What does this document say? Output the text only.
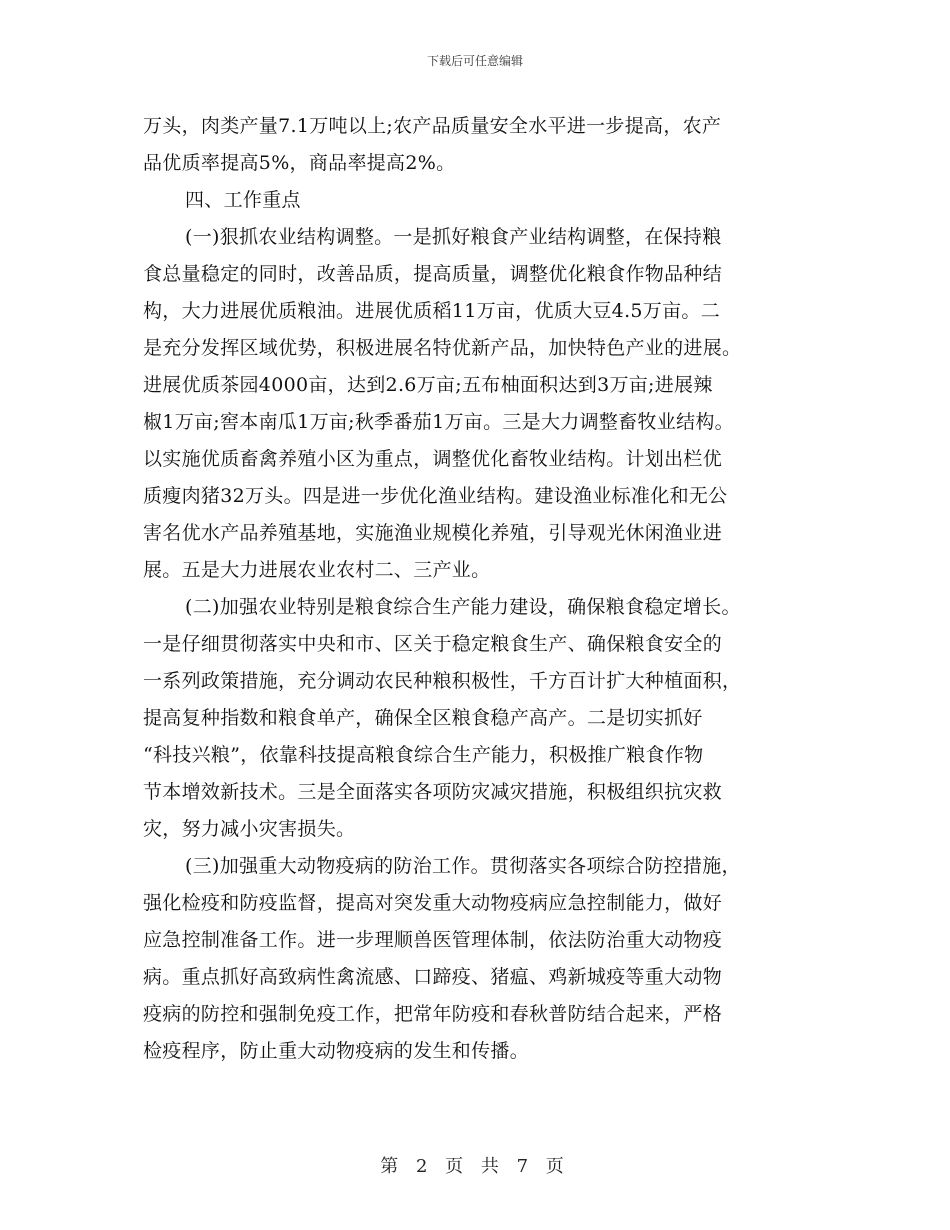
下载后可任意编辑
万头，肉类产量7.1万吨以上;农产品质量安全水平进一步提高，农产
品优质率提高5%，商品率提高2%。
四、工作重点
(一)狠抓农业结构调整。一是抓好粮食产业结构调整，在保持粮
食总量稳定的同时，改善品质，提高质量，调整优化粮食作物品种结
构，大力进展优质粮油。进展优质稻11万亩，优质大豆4.5万亩。二
是充分发挥区域优势，积极进展名特优新产品，加快特色产业的进展。
进展优质茶园4000亩，达到2.6万亩;五布柚面积达到3万亩;进展辣
椒1万亩;窖本南瓜1万亩;秋季番茄1万亩。三是大力调整畜牧业结构。
以实施优质畜禽养殖小区为重点，调整优化畜牧业结构。计划出栏优
质瘦肉猪32万头。四是进一步优化渔业结构。建设渔业标准化和无公
害名优水产品养殖基地，实施渔业规模化养殖，引导观光休闲渔业进
展。五是大力进展农业农村二、三产业。
(二)加强农业特别是粮食综合生产能力建设，确保粮食稳定增长。
一是仔细贯彻落实中央和市、区关于稳定粮食生产、确保粮食安全的
一系列政策措施，充分调动农民种粮积极性，千方百计扩大种植面积，
提高复种指数和粮食单产，确保全区粮食稳产高产。二是切实抓好
“科技兴粮”，依靠科技提高粮食综合生产能力，积极推广粮食作物
节本增效新技术。三是全面落实各项防灾减灾措施，积极组织抗灾救
灾，努力减小灾害损失。
(三)加强重大动物疫病的防治工作。贯彻落实各项综合防控措施，
强化检疫和防疫监督，提高对突发重大动物疫病应急控制能力，做好
应急控制准备工作。进一步理顺兽医管理体制，依法防治重大动物疫
病。重点抓好高致病性禽流感、口蹄疫、猪瘟、鸡新城疫等重大动物
疫病的防控和强制免疫工作，把常年防疫和春秋普防结合起来，严格
检疫程序，防止重大动物疫病的发生和传播。
第 2 页 共 7 页
